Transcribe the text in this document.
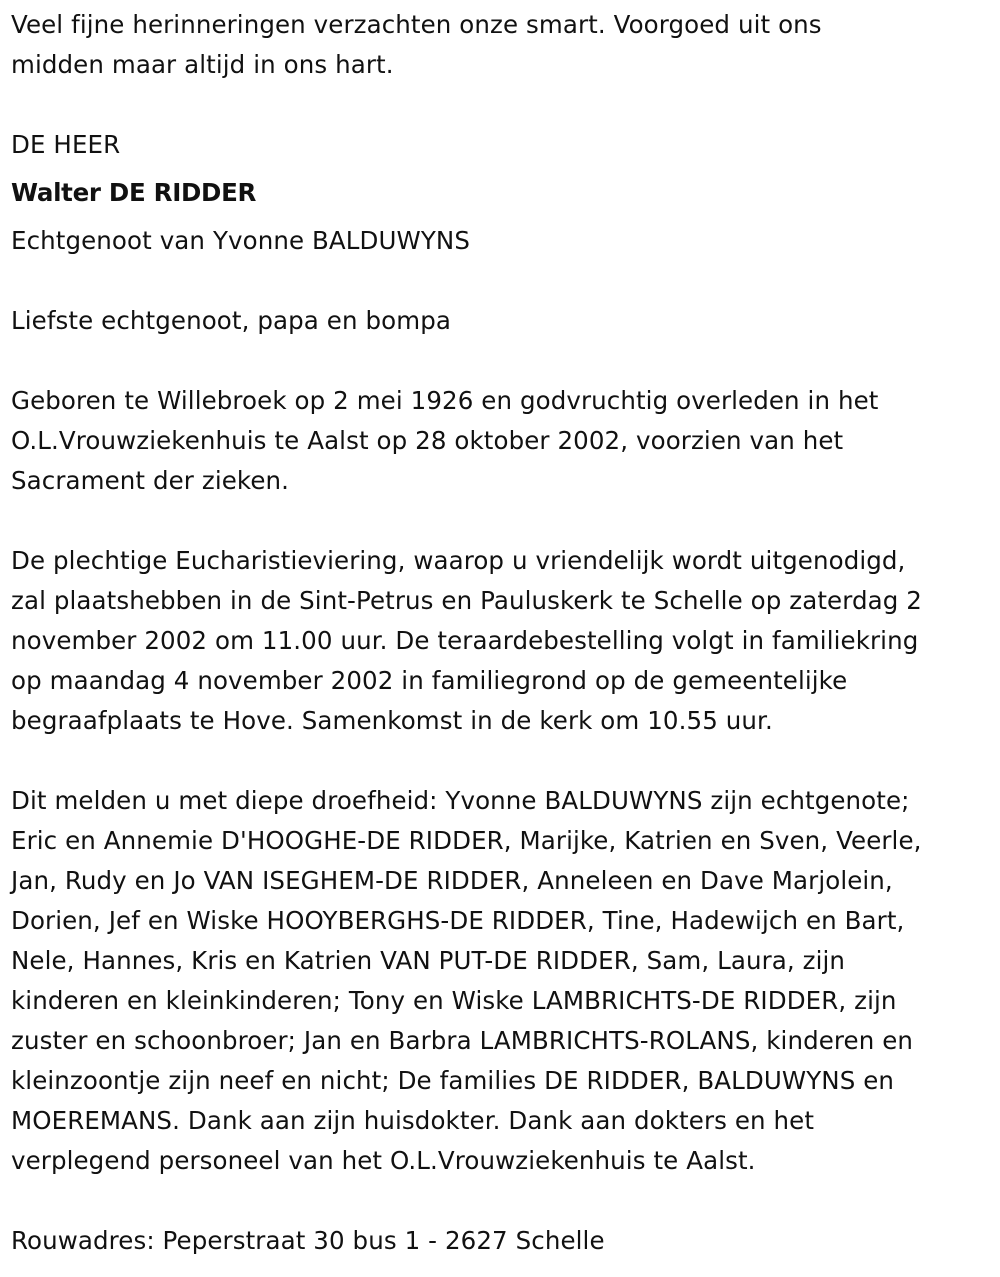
Veel fijne herinneringen verzachten onze smart. Voorgoed uit ons
midden maar altijd in ons hart.

DE HEER

Walter DE RIDDER

Echtgenoot van Yvonne BALDUWYNS

Liefste echtgenoot, papa en bompa

Geboren te Willebroek op 2 mei 1926 en godvruchtig overleden in het
O.L.Vrouwziekenhuis te Aalst op 28 oktober 2002, voorzien van het
Sacrament der zieken.

De plechtige Eucharistieviering, waarop u vriendelijk wordt uitgenodigd,
zal plaatshebben in de Sint-Petrus en Pauluskerk te Schelle op zaterdag 2
november 2002 om 11.00 uur. De teraardebestelling volgt in familiekring
op maandag 4 november 2002 in familiegrond op de gemeentelijke
begraafplaats te Hove. Samenkomst in de kerk om 10.55 uur.

Dit melden u met diepe droefheid: Yvonne BALDUWYNS zijn echtgenote;
Eric en Annemie D'HOOGHE-DE RIDDER, Marijke, Katrien en Sven, Veerle,
Jan, Rudy en Jo VAN ISEGHEM-DE RIDDER, Anneleen en Dave Marjolein,
Dorien, Jef en Wiske HOOYBERGHS-DE RIDDER, Tine, Hadewijch en Bart,
Nele, Hannes, Kris en Katrien VAN PUT-DE RIDDER, Sam, Laura, zijn
kinderen en kleinkinderen; Tony en Wiske LAMBRICHTS-DE RIDDER, zijn
zuster en schoonbroer; Jan en Barbra LAMBRICHTS-ROLANS, kinderen en
kleinzoontje zijn neef en nicht; De families DE RIDDER, BALDUWYNS en
MOEREMANS. Dank aan zijn huisdokter. Dank aan dokters en het
verplegend personeel van het O.L.Vrouwziekenhuis te Aalst.

Rouwadres: Peperstraat 30 bus 1 - 2627 Schelle
